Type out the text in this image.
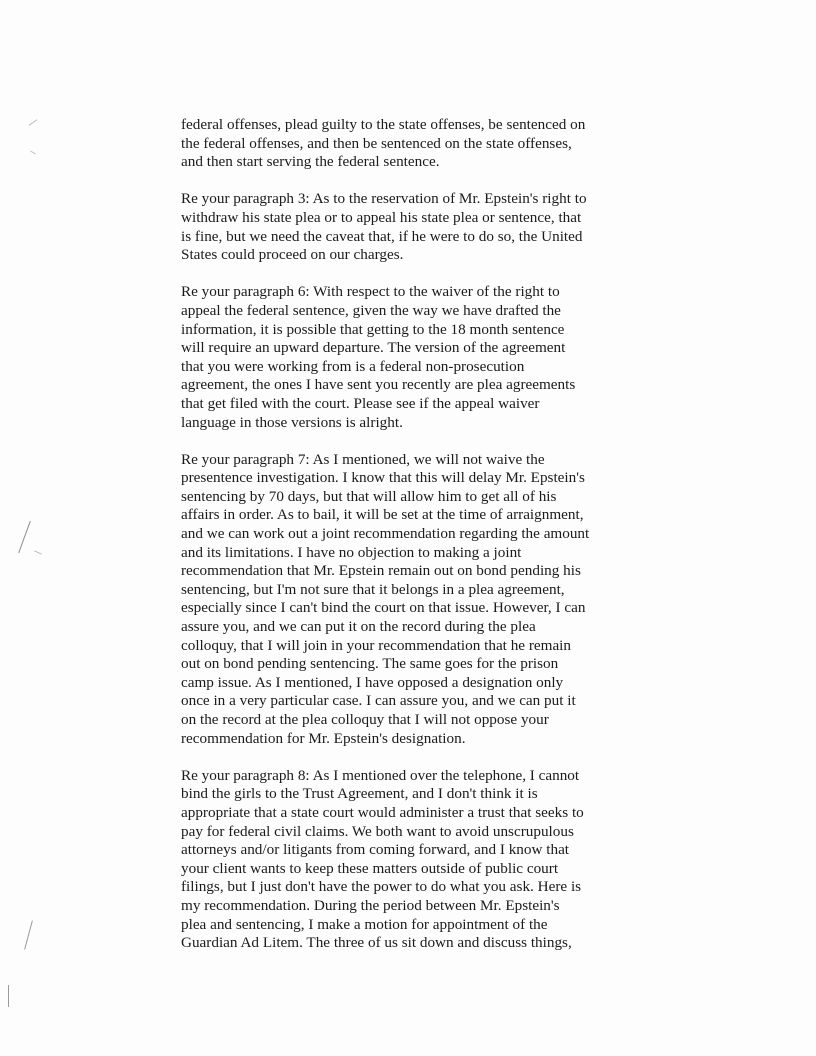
federal offenses, plead guilty to the state offenses, be sentenced on
the federal offenses, and then be sentenced on the state offenses,
and then start serving the federal sentence.

Re your paragraph 3: As to the reservation of Mr. Epstein's right to
withdraw his state plea or to appeal his state plea or sentence, that
is fine, but we need the caveat that, if he were to do so, the United
States could proceed on our charges.

Re your paragraph 6: With respect to the waiver of the right to
appeal the federal sentence, given the way we have drafted the
information, it is possible that getting to the 18 month sentence
will require an upward departure. The version of the agreement
that you were working from is a federal non-prosecution
agreement, the ones I have sent you recently are plea agreements
that get filed with the court. Please see if the appeal waiver
language in those versions is alright.

Re your paragraph 7: As I mentioned, we will not waive the
presentence investigation. I know that this will delay Mr. Epstein's
sentencing by 70 days, but that will allow him to get all of his
affairs in order. As to bail, it will be set at the time of arraignment,
and we can work out a joint recommendation regarding the amount
and its limitations. I have no objection to making a joint
recommendation that Mr. Epstein remain out on bond pending his
sentencing, but I'm not sure that it belongs in a plea agreement,
especially since I can't bind the court on that issue. However, I can
assure you, and we can put it on the record during the plea
colloquy, that I will join in your recommendation that he remain
out on bond pending sentencing. The same goes for the prison
camp issue. As I mentioned, I have opposed a designation only
once in a very particular case. I can assure you, and we can put it
on the record at the plea colloquy that I will not oppose your
recommendation for Mr. Epstein's designation.

Re your paragraph 8: As I mentioned over the telephone, I cannot
bind the girls to the Trust Agreement, and I don't think it is
appropriate that a state court would administer a trust that seeks to
pay for federal civil claims. We both want to avoid unscrupulous
attorneys and/or litigants from coming forward, and I know that
your client wants to keep these matters outside of public court
filings, but I just don't have the power to do what you ask. Here is
my recommendation. During the period between Mr. Epstein's
plea and sentencing, I make a motion for appointment of the
Guardian Ad Litem. The three of us sit down and discuss things,
